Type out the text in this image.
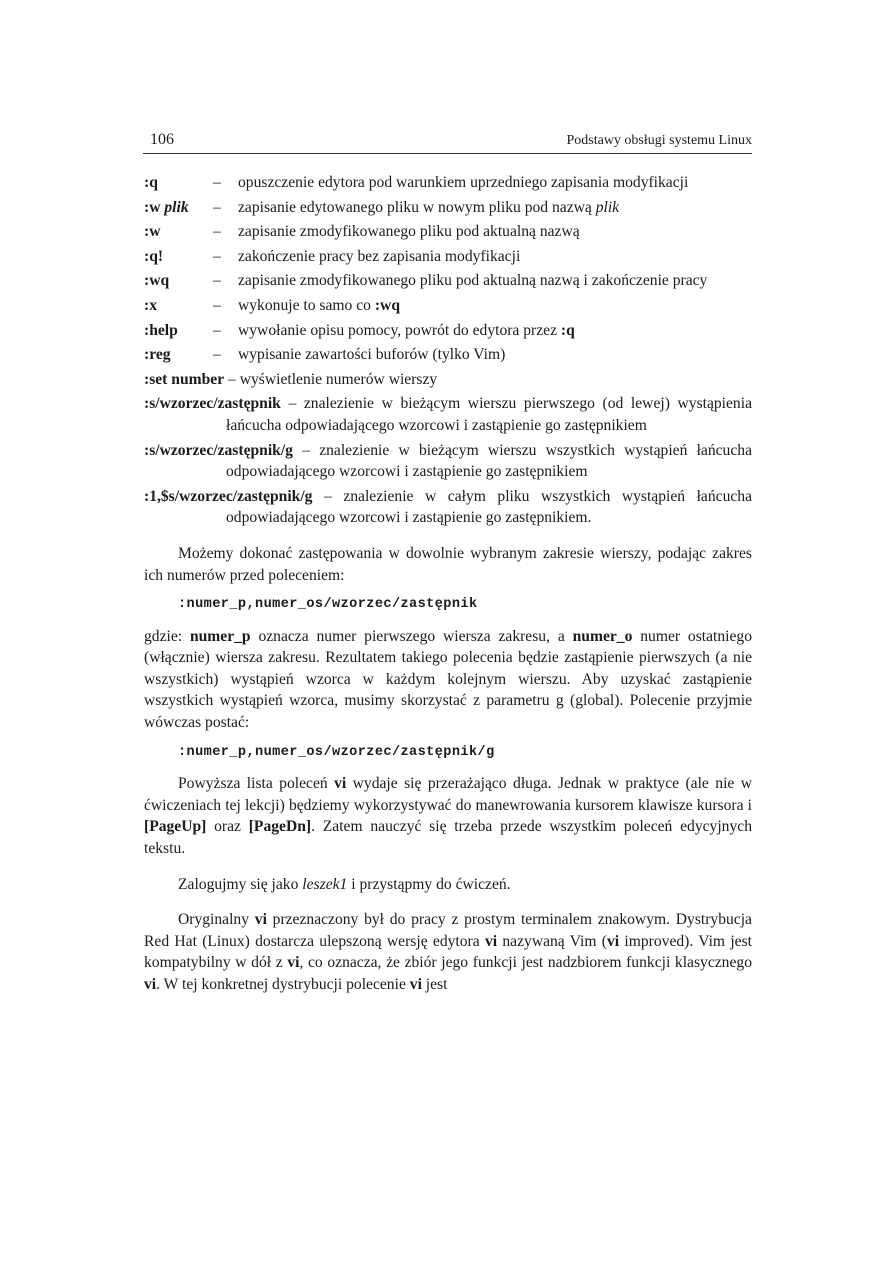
106	Podstawy obsługi systemu Linux
:q	– opuszczenie edytora pod warunkiem uprzedniego zapisania modyfikacji
:w plik – zapisanie edytowanego pliku w nowym pliku pod nazwą plik
:w	– zapisanie zmodyfikowanego pliku pod aktualną nazwą
:q!	– zakończenie pracy bez zapisania modyfikacji
:wq	– zapisanie zmodyfikowanego pliku pod aktualną nazwą i zakończenie pracy
:x	– wykonuje to samo co :wq
:help – wywołanie opisu pomocy, powrót do edytora przez :q
:reg	– wypisanie zawartości buforów (tylko Vim)
:set number – wyświetlenie numerów wierszy
:s/wzorzec/zastępnik – znalezienie w bieżącym wierszu pierwszego (od lewej) wystąpienia łańcucha odpowiadającego wzorcowi i zastąpienie go zastępnikiem
:s/wzorzec/zastępnik/g – znalezienie w bieżącym wierszu wszystkich wystąpień łańcucha odpowiadającego wzorcowi i zastąpienie go zastępnikiem
:1,$s/wzorzec/zastępnik/g – znalezienie w całym pliku wszystkich wystąpień łańcucha odpowiadającego wzorcowi i zastąpienie go zastępnikiem.

Możemy dokonać zastępowania w dowolnie wybranym zakresie wierszy, podając zakres ich numerów przed poleceniem:

:numer_p,numer_os/wzorzec/zastępnik

gdzie: numer_p oznacza numer pierwszego wiersza zakresu, a numer_o numer ostatniego (włącznie) wiersza zakresu. Rezultatem takiego polecenia będzie zastąpienie pierwszych (a nie wszystkich) wystąpień wzorca w każdym kolejnym wierszu. Aby uzyskać zastąpienie wszystkich wystąpień wzorca, musimy skorzystać z parametru g (global). Polecenie przyjmie wówczas postać:

:numer_p,numer_os/wzorzec/zastępnik/g

Powyższa lista poleceń vi wydaje się przerażająco długa. Jednak w praktyce (ale nie w ćwiczeniach tej lekcji) będziemy wykorzystywać do manewrowania kursorem klawisze kursora i [PageUp] oraz [PageDn]. Zatem nauczyć się trzeba przede wszystkim poleceń edycyjnych tekstu.

Zalogujmy się jako leszek1 i przystąpmy do ćwiczeń.

Oryginalny vi przeznaczony był do pracy z prostym terminalem znakowym. Dystrybucja Red Hat (Linux) dostarcza ulepszoną wersję edytora vi nazywaną Vim (vi improved). Vim jest kompatybilny w dół z vi, co oznacza, że zbiór jego funkcji jest nadzbiorem funkcji klasycznego vi. W tej konkretnej dystrybucji polecenie vi jest
